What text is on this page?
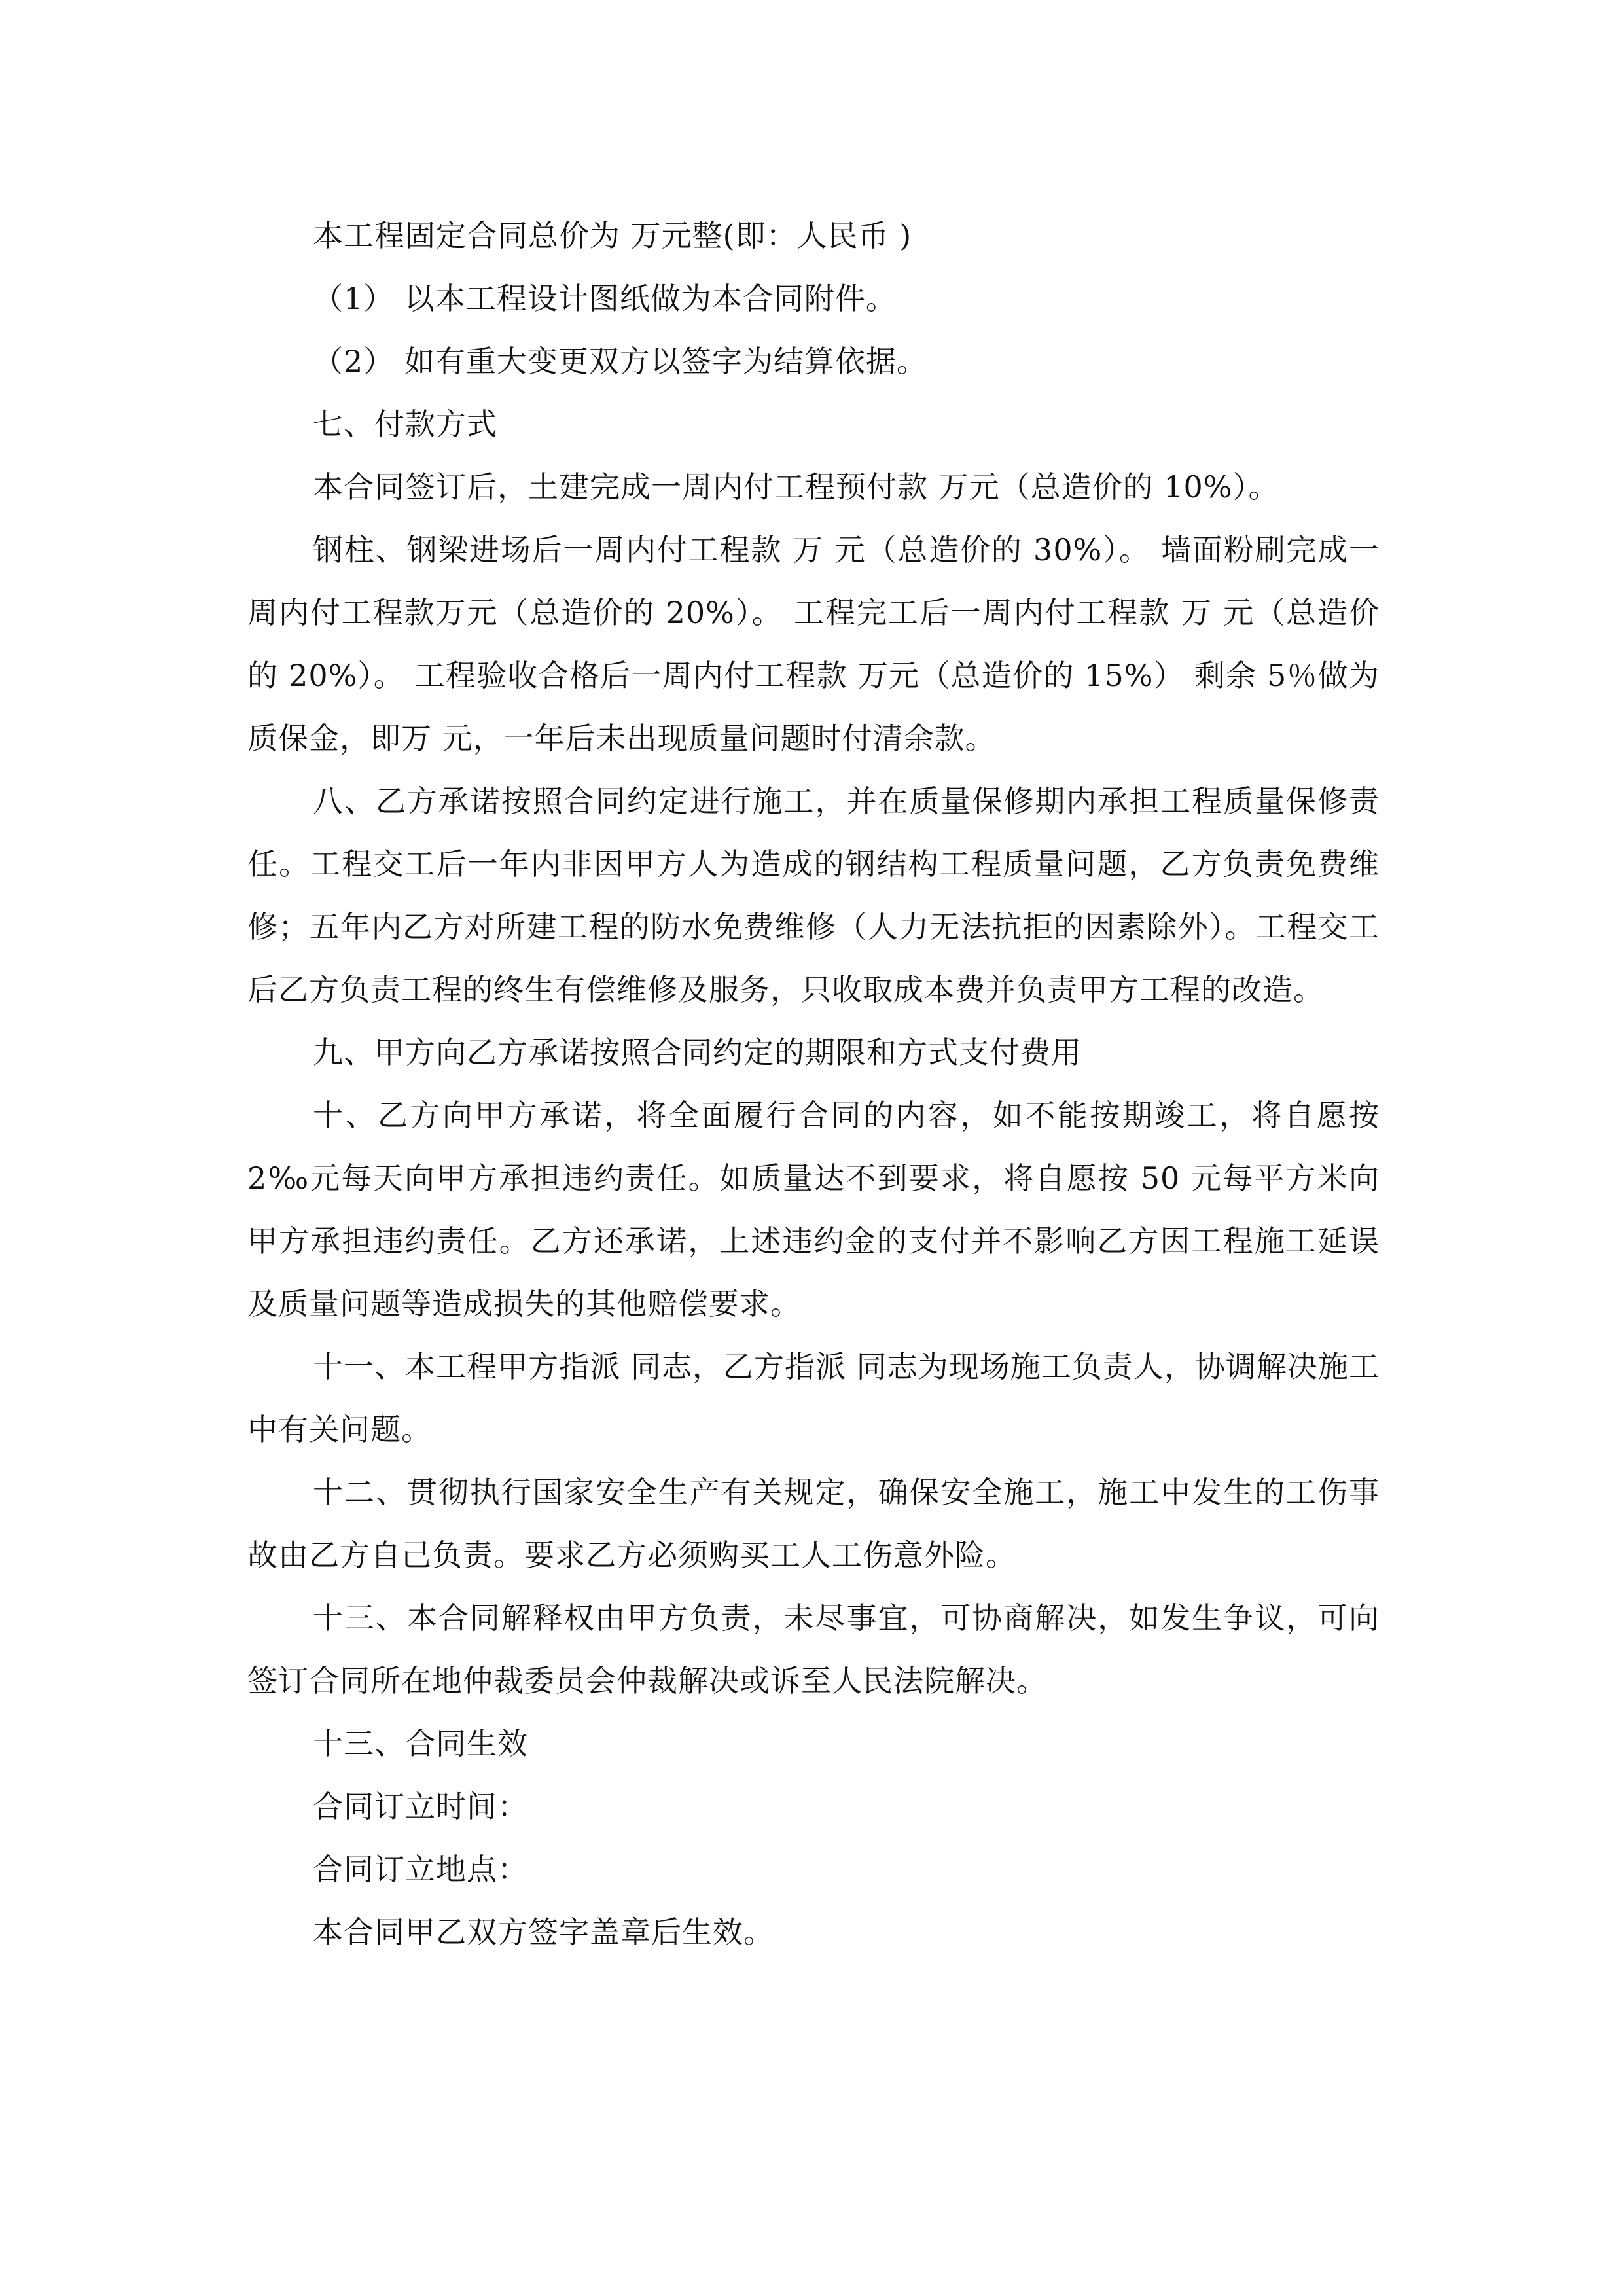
本工程固定合同总价为 万元整(即：人民币 )

（1） 以本工程设计图纸做为本合同附件。

（2） 如有重大变更双方以签字为结算依据。

七、付款方式

本合同签订后，土建完成一周内付工程预付款 万元（总造价的 10%）。

钢柱、钢梁进场后一周内付工程款 万 元（总造价的 30%）。 墙面粉刷完成一周内付工程款万元（总造价的 20%）。 工程完工后一周内付工程款 万 元（总造价的 20%）。 工程验收合格后一周内付工程款 万元（总造价的 15%） 剩余 5％做为质保金，即万 元，一年后未出现质量问题时付清余款。

八、乙方承诺按照合同约定进行施工，并在质量保修期内承担工程质量保修责任。工程交工后一年内非因甲方人为造成的钢结构工程质量问题，乙方负责免费维修；五年内乙方对所建工程的防水免费维修（人力无法抗拒的因素除外）。工程交工后乙方负责工程的终生有偿维修及服务，只收取成本费并负责甲方工程的改造。

九、甲方向乙方承诺按照合同约定的期限和方式支付费用

十、乙方向甲方承诺，将全面履行合同的内容，如不能按期竣工，将自愿按2‰元每天向甲方承担违约责任。如质量达不到要求，将自愿按 50 元每平方米向甲方承担违约责任。乙方还承诺，上述违约金的支付并不影响乙方因工程施工延误及质量问题等造成损失的其他赔偿要求。

十一、本工程甲方指派 同志，乙方指派 同志为现场施工负责人，协调解决施工中有关问题。

十二、贯彻执行国家安全生产有关规定，确保安全施工，施工中发生的工伤事故由乙方自己负责。要求乙方必须购买工人工伤意外险。

十三、本合同解释权由甲方负责，未尽事宜，可协商解决，如发生争议，可向签订合同所在地仲裁委员会仲裁解决或诉至人民法院解决。

十三、合同生效

合同订立时间：

合同订立地点：

本合同甲乙双方签字盖章后生效。
